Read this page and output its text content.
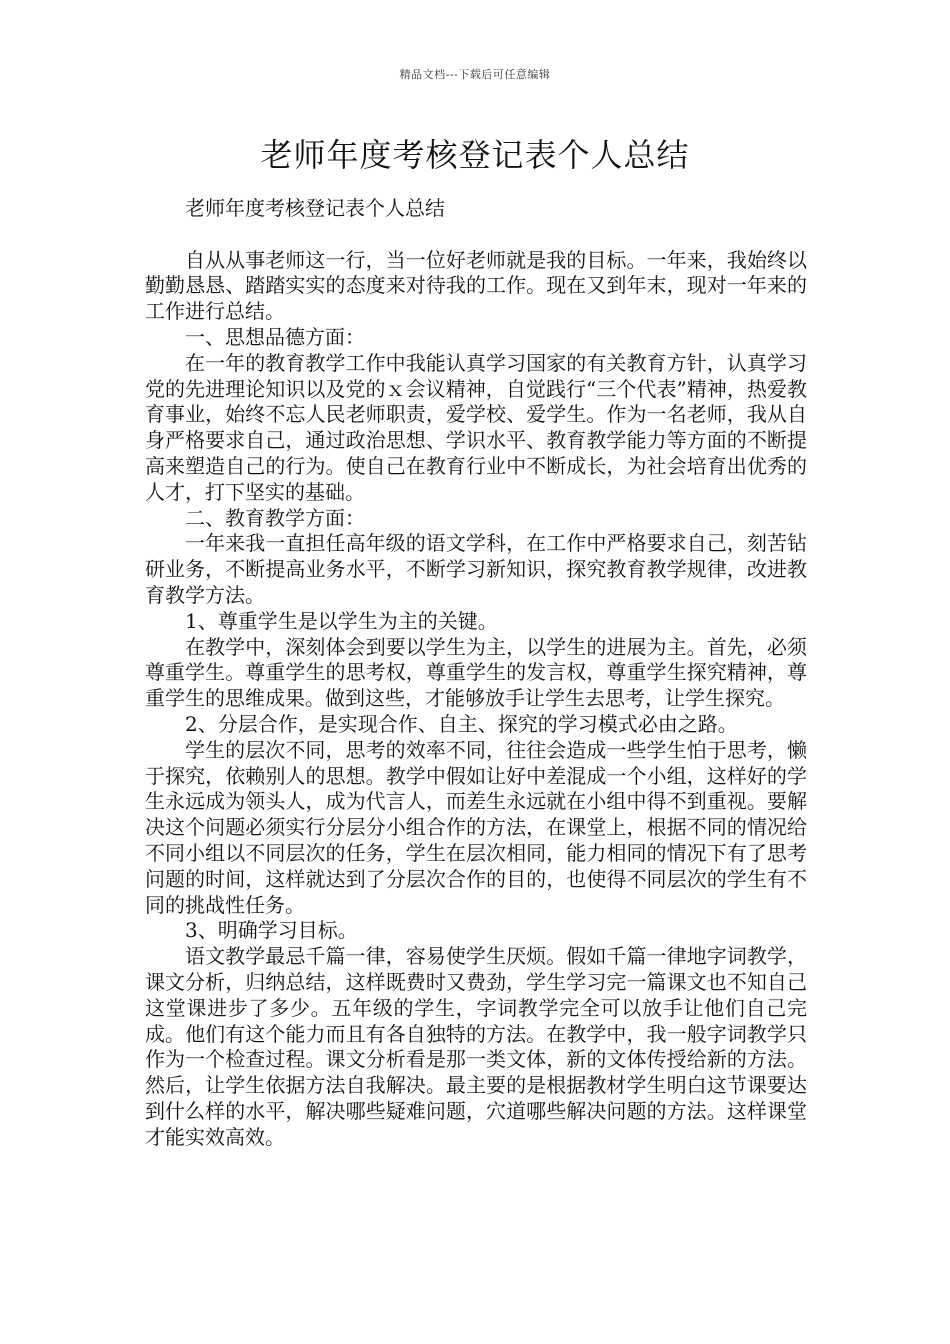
精品文档---下载后可任意编辑
老师年度考核登记表个人总结

老师年度考核登记表个人总结

自从从事老师这一行，当一位好老师就是我的目标。一年来，我始终以勤勤恳恳、踏踏实实的态度来对待我的工作。现在又到年末，现对一年来的工作进行总结。

一、思想品德方面：

在一年的教育教学工作中我能认真学习国家的有关教育方针，认真学习党的先进理论知识以及党的ｘ会议精神，自觉践行“三个代表”精神，热爱教育事业，始终不忘人民老师职责，爱学校、爱学生。作为一名老师，我从自身严格要求自己，通过政治思想、学识水平、教育教学能力等方面的不断提高来塑造自己的行为。使自己在教育行业中不断成长，为社会培育出优秀的人才，打下坚实的基础。

二、教育教学方面：

一年来我一直担任高年级的语文学科，在工作中严格要求自己，刻苦钻研业务，不断提高业务水平，不断学习新知识，探究教育教学规律，改进教育教学方法。

1、尊重学生是以学生为主的关键。

在教学中，深刻体会到要以学生为主，以学生的进展为主。首先，必须尊重学生。尊重学生的思考权，尊重学生的发言权，尊重学生探究精神，尊重学生的思维成果。做到这些，才能够放手让学生去思考，让学生探究。

2、分层合作，是实现合作、自主、探究的学习模式必由之路。

学生的层次不同，思考的效率不同，往往会造成一些学生怕于思考，懒于探究，依赖别人的思想。教学中假如让好中差混成一个小组，这样好的学生永远成为领头人，成为代言人，而差生永远就在小组中得不到重视。要解决这个问题必须实行分层分小组合作的方法，在课堂上，根据不同的情况给不同小组以不同层次的任务，学生在层次相同，能力相同的情况下有了思考问题的时间，这样就达到了分层次合作的目的，也使得不同层次的学生有不同的挑战性任务。

3、明确学习目标。

语文教学最忌千篇一律，容易使学生厌烦。假如千篇一律地字词教学，课文分析，归纳总结，这样既费时又费劲，学生学习完一篇课文也不知自己这堂课进步了多少。五年级的学生，字词教学完全可以放手让他们自己完成。他们有这个能力而且有各自独特的方法。在教学中，我一般字词教学只作为一个检查过程。课文分析看是那一类文体，新的文体传授给新的方法。然后，让学生依据方法自我解决。最主要的是根据教材学生明白这节课要达到什么样的水平，解决哪些疑难问题，穴道哪些解决问题的方法。这样课堂才能实效高效。
